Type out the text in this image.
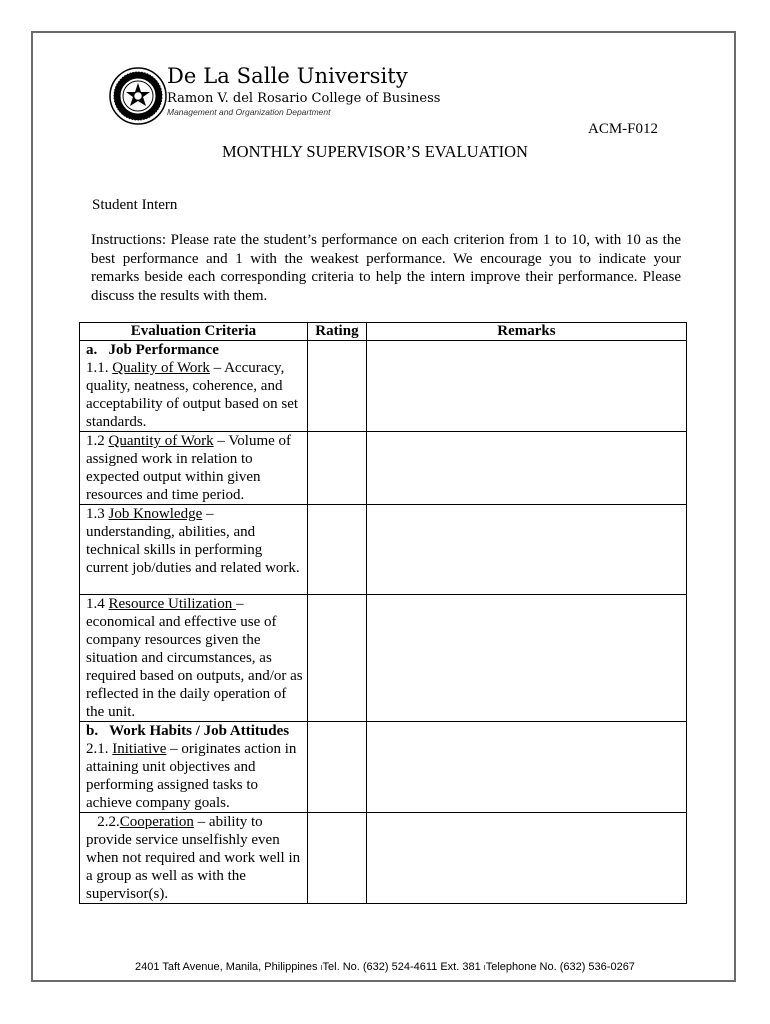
De La Salle University
Ramon V. del Rosario College of Business
Management and Organization Department
ACM-F012
MONTHLY SUPERVISOR’S EVALUATION
Student Intern
Instructions: Please rate the student’s performance on each criterion from 1 to 10, with 10 as the best performance and 1 with the weakest performance. We encourage you to indicate your remarks beside each corresponding criteria to help the intern improve their performance. Please discuss the results with them.
Evaluation Criteria	Rating	Remarks

a.   Job Performance
1.1. Quality of Work – Accuracy, quality, neatness, coherence, and acceptability of output based on set standards.		
1.2 Quantity of Work – Volume of assigned work in relation to expected output within given resources and time period.		
1.3 Job Knowledge – understanding, abilities, and technical skills in performing current job/duties and related work.		
1.4 Resource Utilization – economical and effective use of company resources given the situation and circumstances, as required based on outputs, and/or as reflected in the daily operation of the unit.		

b.   Work Habits / Job Attitudes
2.1. Initiative – originates action in attaining unit objectives and performing assigned tasks to achieve company goals.		
2.2.Cooperation – ability to provide service unselfishly even when not required and work well in a group as well as with the supervisor(s).		
2401 Taft Avenue, Manila, Philippines ITel. No. (632) 524-4611 Ext. 381 ITelephone No. (632) 536-0267
